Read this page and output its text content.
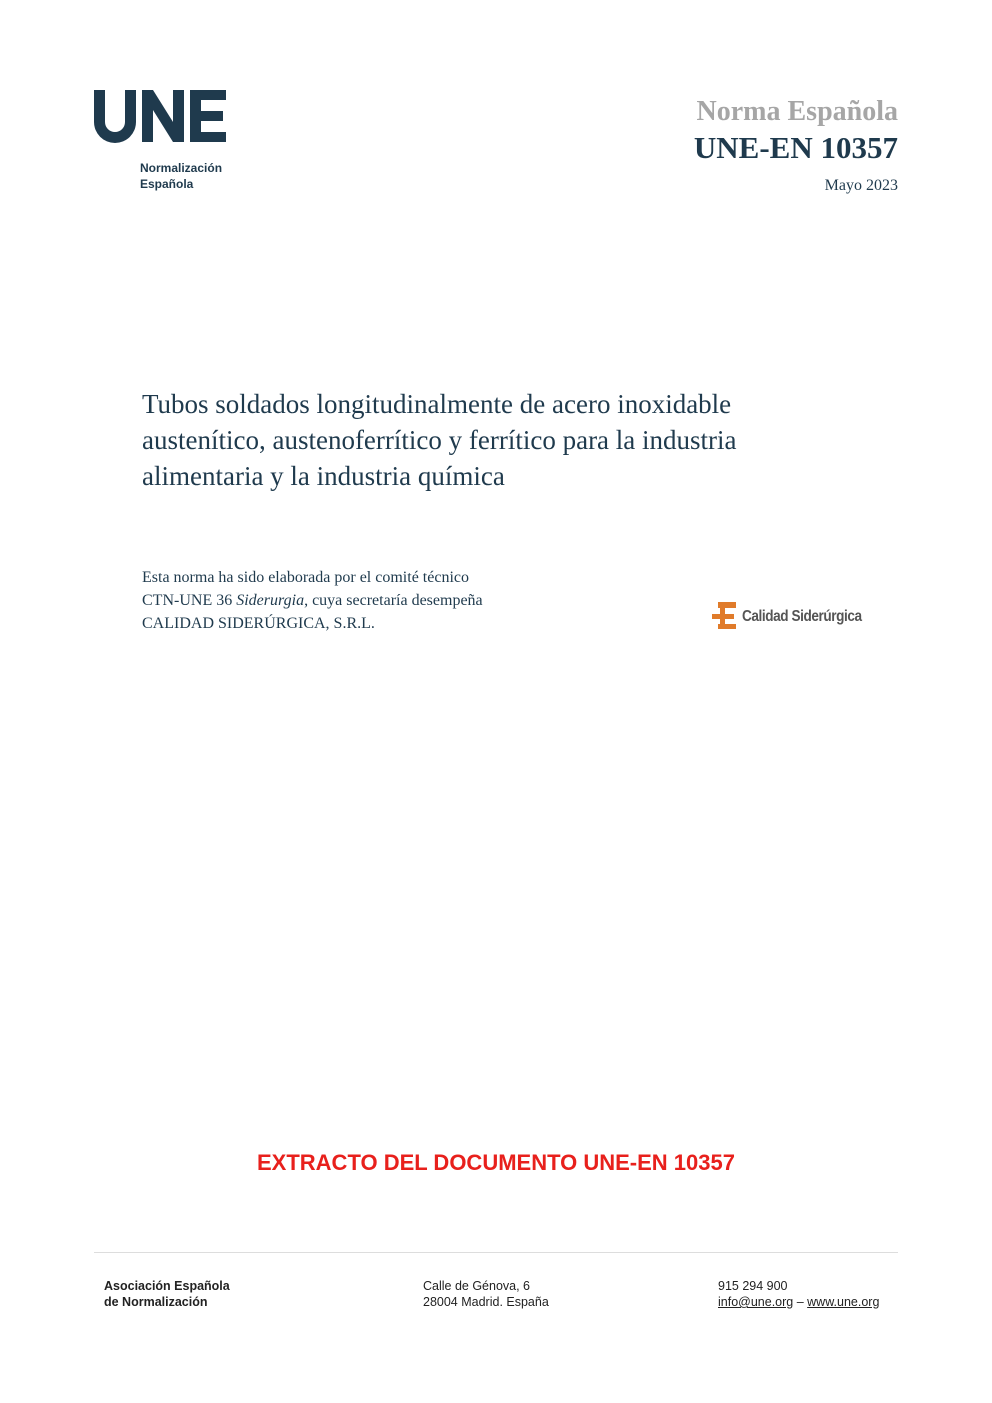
Normalización
Española
Norma Española
UNE-EN 10357
Mayo 2023
Tubos soldados longitudinalmente de acero inoxidable
austenítico, austenoferrítico y ferrítico para la industria
alimentaria y la industria química
Esta norma ha sido elaborada por el comité técnico
CTN-UNE 36 Siderurgia, cuya secretaría desempeña
CALIDAD SIDERÚRGICA, S.R.L.	Calidad Siderúrgica
EXTRACTO DEL DOCUMENTO UNE-EN 10357
Asociación Española
de Normalización
Calle de Génova, 6
28004 Madrid. España
915 294 900
info@une.org – www.une.org
